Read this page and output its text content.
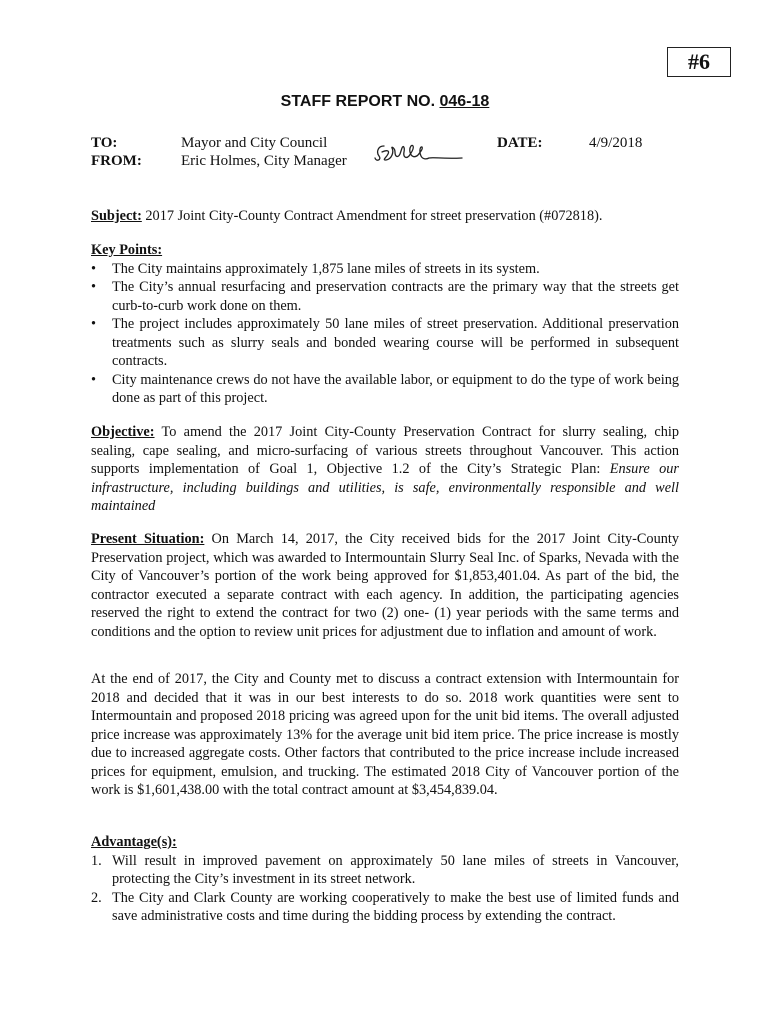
#6
STAFF REPORT NO. 046-18
TO:	Mayor and City Council
FROM:	Eric Holmes, City Manager
DATE:	4/9/2018
Subject: 2017 Joint City-County Contract Amendment for street preservation (#072818).
Key Points:
• The City maintains approximately 1,875 lane miles of streets in its system.
• The City’s annual resurfacing and preservation contracts are the primary way that the streets get curb-to-curb work done on them.
• The project includes approximately 50 lane miles of street preservation. Additional preservation treatments such as slurry seals and bonded wearing course will be performed in subsequent contracts.
• City maintenance crews do not have the available labor, or equipment to do the type of work being done as part of this project.
Objective: To amend the 2017 Joint City-County Preservation Contract for slurry sealing, chip sealing, cape sealing, and micro-surfacing of various streets throughout Vancouver. This action supports implementation of Goal 1, Objective 1.2 of the City’s Strategic Plan: Ensure our infrastructure, including buildings and utilities, is safe, environmentally responsible and well maintained
Present Situation: On March 14, 2017, the City received bids for the 2017 Joint City-County Preservation project, which was awarded to Intermountain Slurry Seal Inc. of Sparks, Nevada with the City of Vancouver’s portion of the work being approved for $1,853,401.04. As part of the bid, the contractor executed a separate contract with each agency. In addition, the participating agencies reserved the right to extend the contract for two (2) one- (1) year periods with the same terms and conditions and the option to review unit prices for adjustment due to inflation and amount of work.
At the end of 2017, the City and County met to discuss a contract extension with Intermountain for 2018 and decided that it was in our best interests to do so. 2018 work quantities were sent to Intermountain and proposed 2018 pricing was agreed upon for the unit bid items. The overall adjusted price increase was approximately 13% for the average unit bid item price. The price increase is mostly due to increased aggregate costs. Other factors that contributed to the price increase include increased prices for equipment, emulsion, and trucking. The estimated 2018 City of Vancouver portion of the work is $1,601,438.00 with the total contract amount at $3,454,839.04.
Advantage(s):
1. Will result in improved pavement on approximately 50 lane miles of streets in Vancouver, protecting the City’s investment in its street network.
2. The City and Clark County are working cooperatively to make the best use of limited funds and save administrative costs and time during the bidding process by extending the contract.
